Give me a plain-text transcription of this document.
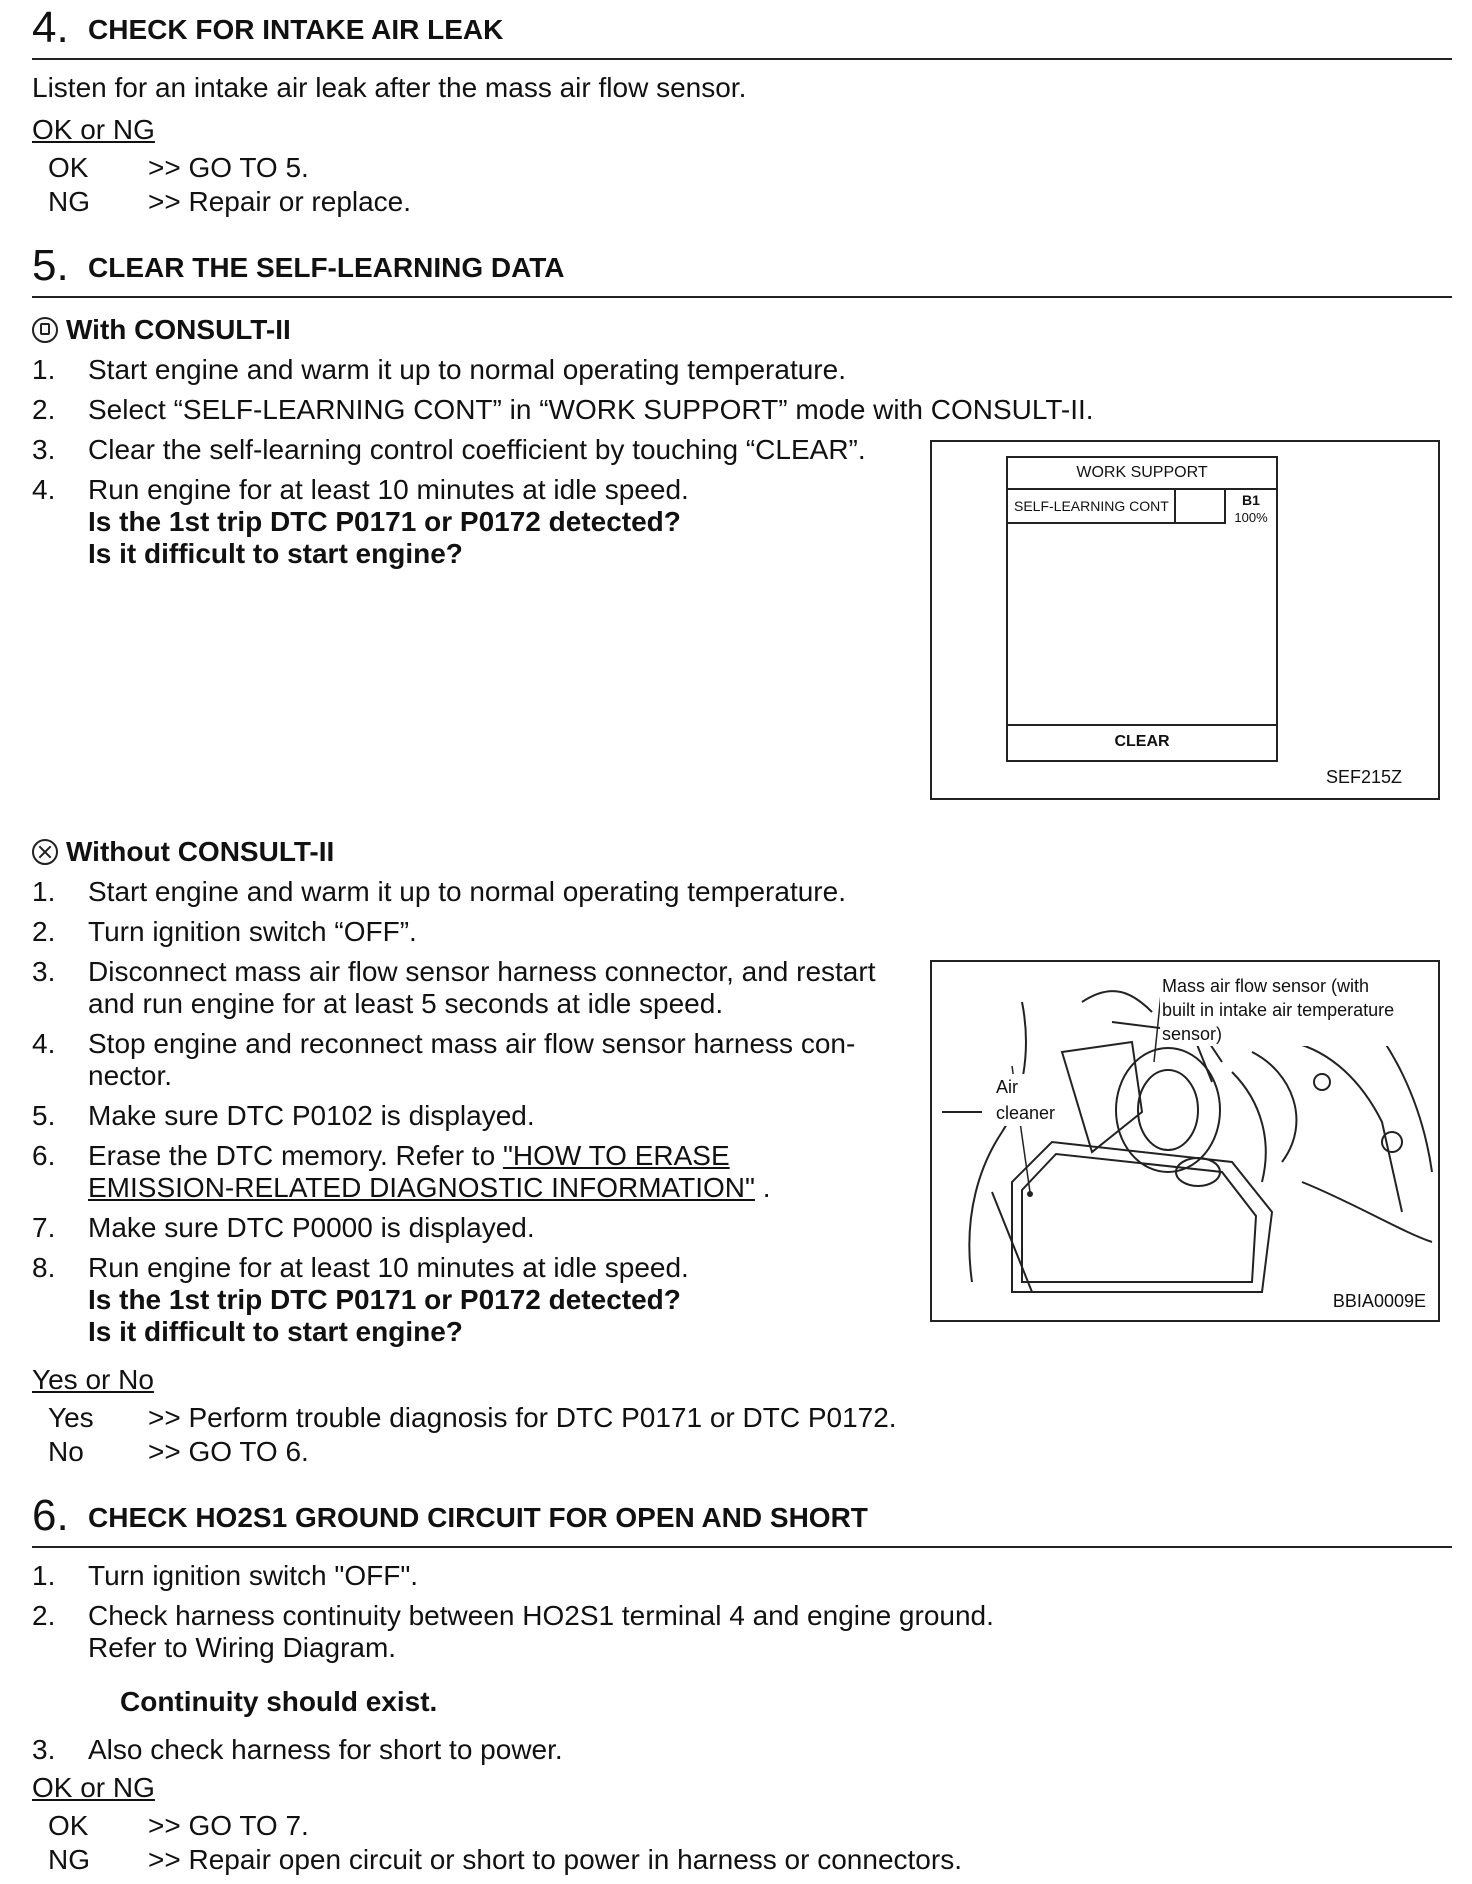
4. CHECK FOR INTAKE AIR LEAK
Listen for an intake air leak after the mass air flow sensor.
OK or NG
OK >> GO TO 5.
NG >> Repair or replace.
5. CLEAR THE SELF-LEARNING DATA
With CONSULT-II
1. Start engine and warm it up to normal operating temperature.
2. Select “SELF-LEARNING CONT” in “WORK SUPPORT” mode with CONSULT-II.
3. Clear the self-learning control coefficient by touching “CLEAR”.
4. Run engine for at least 10 minutes at idle speed.
Is the 1st trip DTC P0171 or P0172 detected?
Is it difficult to start engine?
WORK SUPPORT
SELF-LEARNING CONT	B1
100%
CLEAR
SEF215Z
Without CONSULT-II
1. Start engine and warm it up to normal operating temperature.
2. Turn ignition switch “OFF”.
3. Disconnect mass air flow sensor harness connector, and restart
and run engine for at least 5 seconds at idle speed.
4. Stop engine and reconnect mass air flow sensor harness con-
nector.
5. Make sure DTC P0102 is displayed.
6. Erase the DTC memory. Refer to "HOW TO ERASE
EMISSION-RELATED DIAGNOSTIC INFORMATION" .
7. Make sure DTC P0000 is displayed.
8. Run engine for at least 10 minutes at idle speed.
Is the 1st trip DTC P0171 or P0172 detected?
Is it difficult to start engine?
Mass air flow sensor (with
built in intake air temperature
sensor)
Air
cleaner
BBIA0009E
Yes or No
Yes >> Perform trouble diagnosis for DTC P0171 or DTC P0172.
No >> GO TO 6.
6. CHECK HO2S1 GROUND CIRCUIT FOR OPEN AND SHORT
1. Turn ignition switch "OFF".
2. Check harness continuity between HO2S1 terminal 4 and engine ground.
Refer to Wiring Diagram.
Continuity should exist.
3. Also check harness for short to power.
OK or NG
OK >> GO TO 7.
NG >> Repair open circuit or short to power in harness or connectors.
